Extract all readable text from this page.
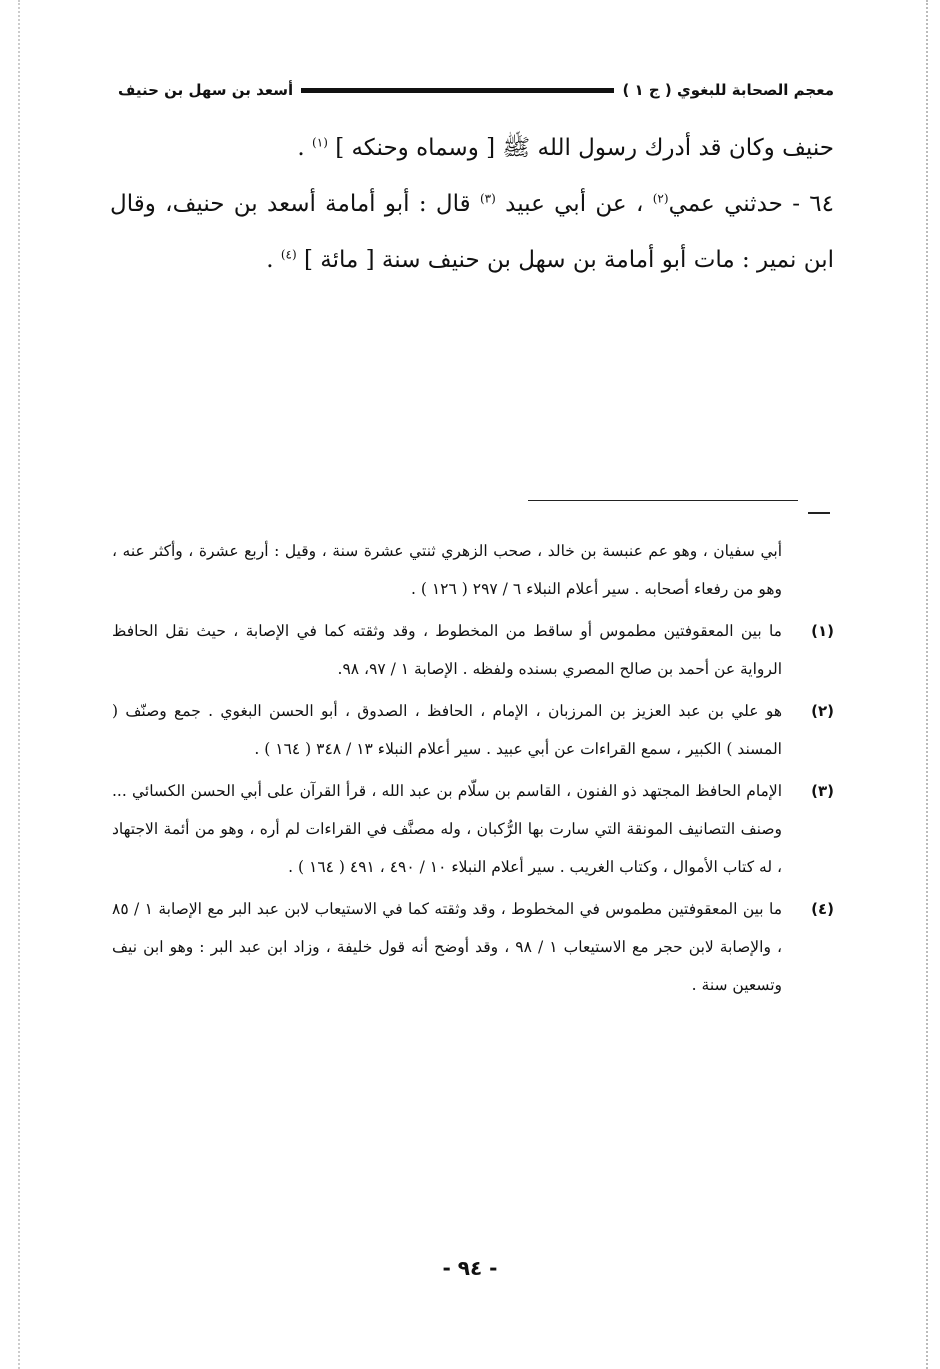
معجم الصحابة للبغوي ( ج ١ )
أسعد بن سهل بن حنيف

حنيف وكان قد أدرك رسول الله ﷺ [ وسماه وحنكه ] $^{(١)}$ .

٦٤ - حدثني عمي$^{(٢)}$ ، عن أبي عبيد $^{(٣)}$ قال : أبو أمامة أسعد بن حنيف، وقال ابن نمير : مات أبو أمامة بن سهل بن حنيف سنة [ مائة ] $^{(٤)}$ .

أبي سفيان ، وهو عم عنبسة بن خالد ، صحب الزهري ثنتي عشرة سنة ، وقيل : أربع عشرة ، وأكثر عنه ، وهو من رفعاء أصحابه . سير أعلام النبلاء ٦ / ٢٩٧ ( ١٢٦ ) .
(١)
ما بين المعقوفتين مطموس أو ساقط من المخطوط ، وقد وثقته كما في الإصابة ، حيث نقل الحافظ الرواية عن أحمد بن صالح المصري بسنده ولفظه . الإصابة ١ / ٩٧، ٩٨.
(٢)
هو علي بن عبد العزيز بن المرزبان ، الإمام ، الحافظ ، الصدوق ، أبو الحسن البغوي . جمع وصنّف ( المسند ) الكبير ، سمع القراءات عن أبي عبيد . سير أعلام النبلاء ١٣ / ٣٤٨ ( ١٦٤ ) .
(٣)
الإمام الحافظ المجتهد ذو الفنون ، القاسم بن سلّام بن عبد الله ، قرأ القرآن على أبي الحسن الكسائي ... وصنف التصانيف المونقة التي سارت بها الرُّكبان ، وله مصنَّف في القراءات لم أره ، وهو من أئمة الاجتهاد ، له كتاب الأموال ، وكتاب الغريب . سير أعلام النبلاء ١٠ / ٤٩٠ ، ٤٩١ ( ١٦٤ ) .
(٤)
ما بين المعقوفتين مطموس في المخطوط ، وقد وثقته كما في الاستيعاب لابن عبد البر مع الإصابة ١ / ٨٥ ، والإصابة لابن حجر مع الاستيعاب ١ / ٩٨ ، وقد أوضح أنه قول خليفة ، وزاد ابن عبد البر : وهو ابن نيف وتسعين سنة .
- ٩٤ -
